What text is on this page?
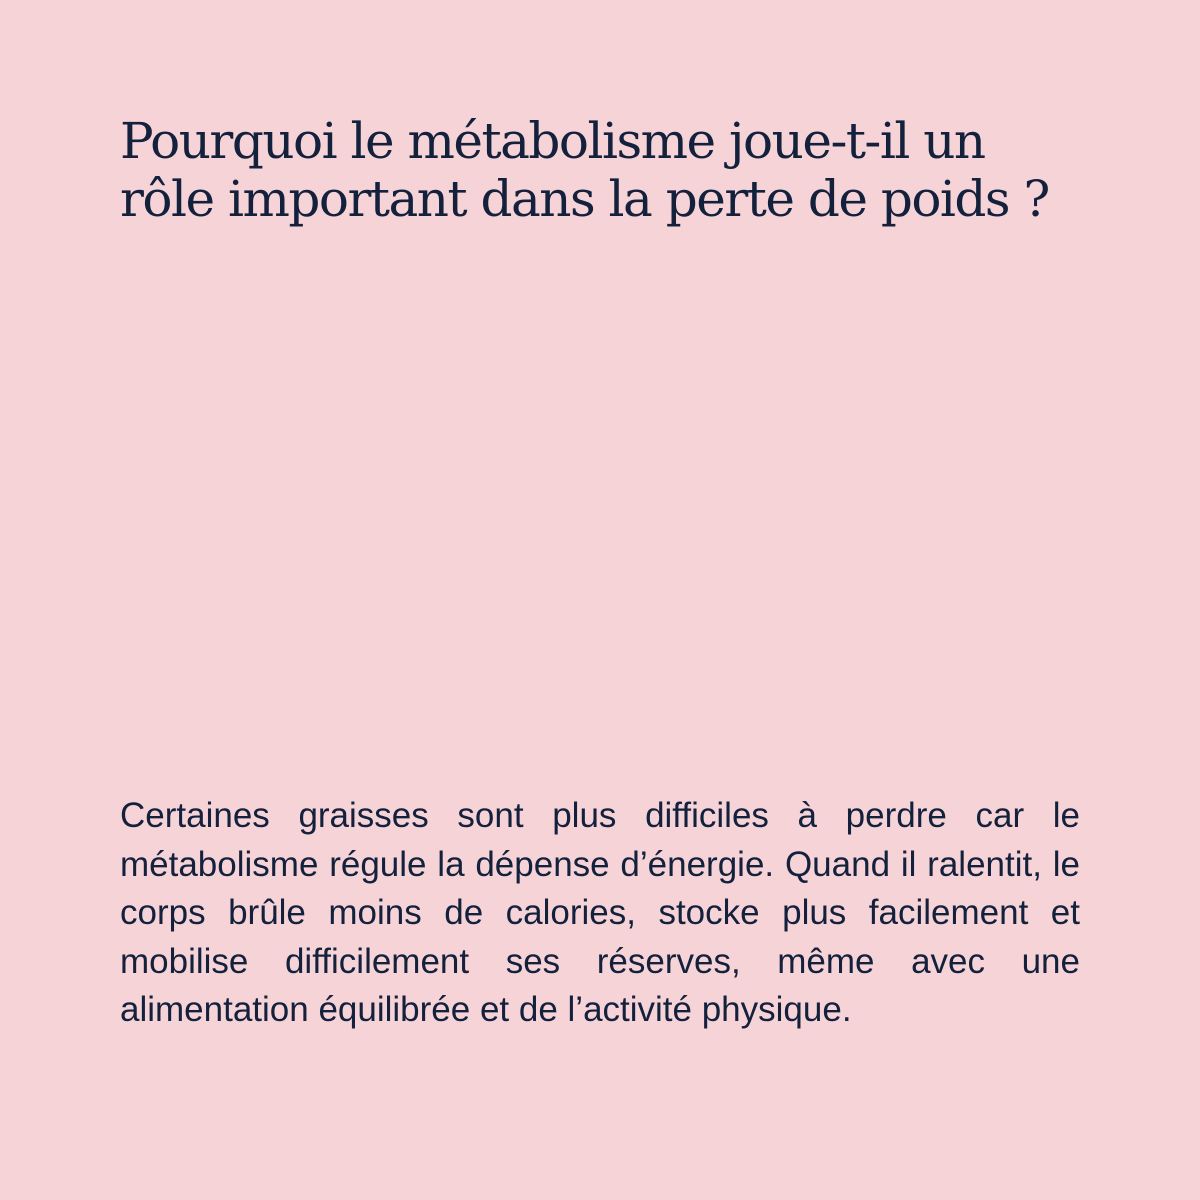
Pourquoi le métabolisme joue-t-il un rôle important dans la perte de poids ?

Certaines graisses sont plus difficiles à perdre car le métabolisme régule la dépense d’énergie. Quand il ralentit, le corps brûle moins de calories, stocke plus facilement et mobilise difficilement ses réserves, même avec une alimentation équilibrée et de l’activité physique.
